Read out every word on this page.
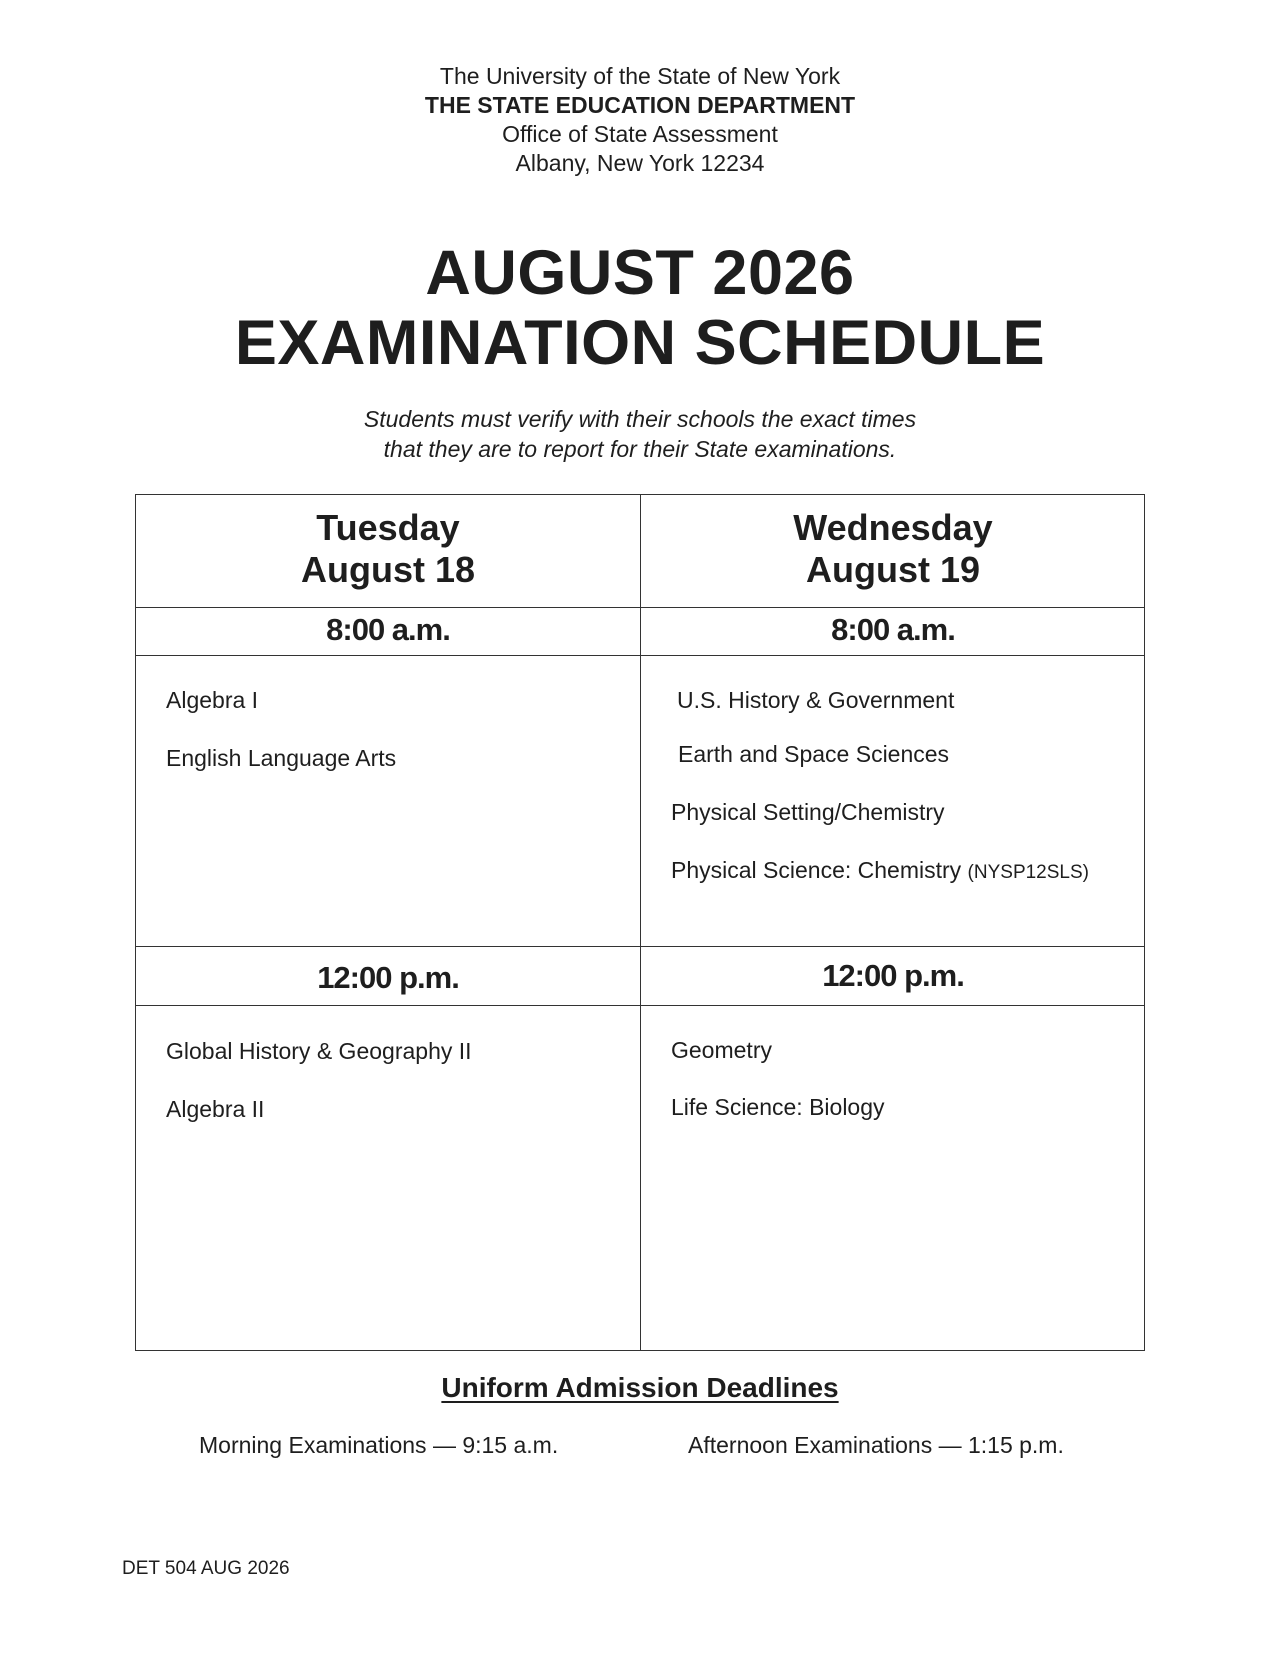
The University of the State of New York
THE STATE EDUCATION DEPARTMENT
Office of State Assessment
Albany, New York 12234
AUGUST 2026
EXAMINATION SCHEDULE
Students must verify with their schools the exact times
that they are to report for their State examinations.
Tuesday
August 18
8:00 a.m.
Algebra I
English Language Arts
12:00 p.m.
Global History & Geography II
Algebra II
Wednesday
August 19
8:00 a.m.
U.S. History & Government
Earth and Space Sciences
Physical Setting/Chemistry
Physical Science: Chemistry (NYSP12SLS)
12:00 p.m.
Geometry
Life Science: Biology
Uniform Admission Deadlines
Morning Examinations — 9:15 a.m.	Afternoon Examinations — 1:15 p.m.
DET 504 AUG 2026
